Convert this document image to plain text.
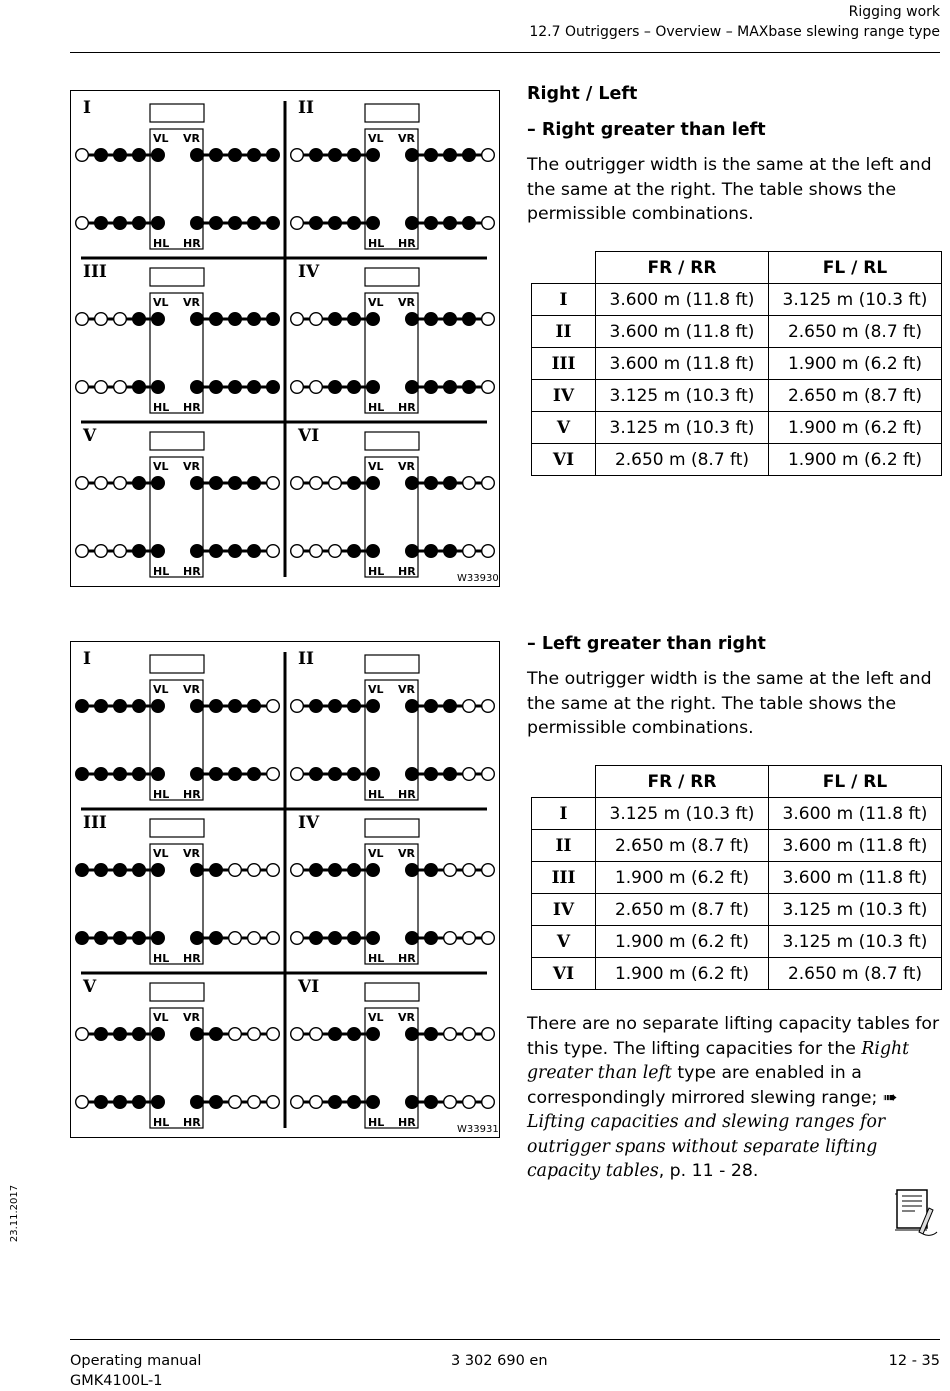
Rigging work
12.7 Outriggers – Overview – MAXbase slewing range type
I
VL VR
HL HR
II
VL VR
HL HR
III
VL VR
HL HR
IV
VL VR
HL HR
V
VL VR
HL HR
VI
VL VR
HL HR
W33930
I
VL VR
HL HR
II
VL VR
HL HR
III
VL VR
HL HR
IV
VL VR
HL HR
V
VL VR
HL HR
VI
VL VR
HL HR
W33931
Right / Left
– Right greater than left
The outrigger width is the same at the left and the same at the right. The table shows the permissible combinations.
	FR / RR	FL / RL
I	3.600 m (11.8 ft)	3.125 m (10.3 ft)
II	3.600 m (11.8 ft)	2.650 m (8.7 ft)
III	3.600 m (11.8 ft)	1.900 m (6.2 ft)
IV	3.125 m (10.3 ft)	2.650 m (8.7 ft)
V	3.125 m (10.3 ft)	1.900 m (6.2 ft)
VI	2.650 m (8.7 ft)	1.900 m (6.2 ft)
– Left greater than right
The outrigger width is the same at the left and the same at the right. The table shows the permissible combinations.
	FR / RR	FL / RL
I	3.125 m (10.3 ft)	3.600 m (11.8 ft)
II	2.650 m (8.7 ft)	3.600 m (11.8 ft)
III	1.900 m (6.2 ft)	3.600 m (11.8 ft)
IV	2.650 m (8.7 ft)	3.125 m (10.3 ft)
V	1.900 m (6.2 ft)	3.125 m (10.3 ft)
VI	1.900 m (6.2 ft)	2.650 m (8.7 ft)
There are no separate lifting capacity tables for this type. The lifting capacities for the Right greater than left type are enabled in a correspondingly mirrored slewing range; ➠ Lifting capacities and slewing ranges for outrigger spans without separate lifting capacity tables, p. 11 - 28.
23.11.2017
Operating manual
GMK4100L-1
3 302 690 en	12 - 35
